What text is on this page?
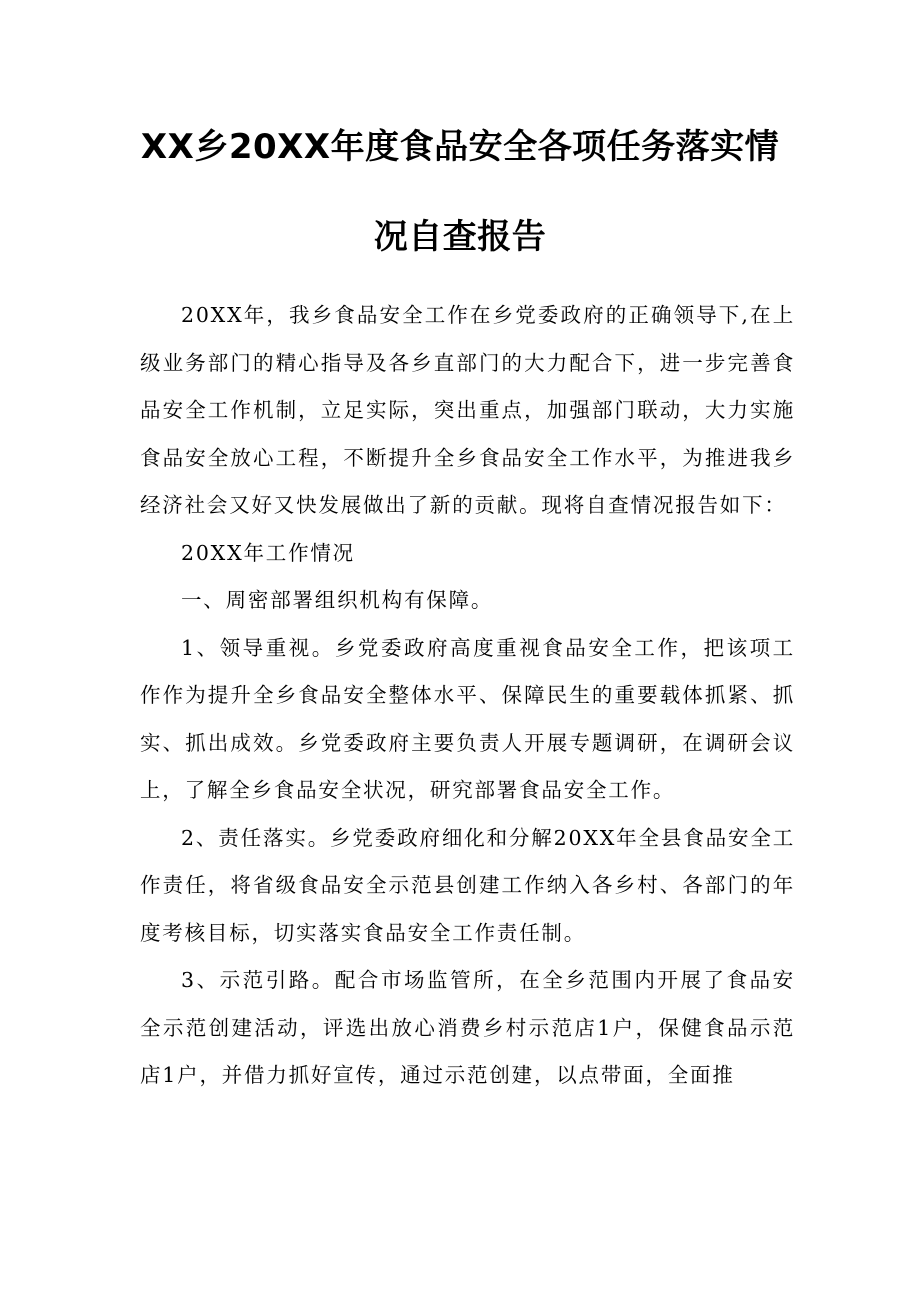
XX乡20XX年度食品安全各项任务落实情
况自查报告

20XX年，我乡食品安全工作在乡党委政府的正确领导下,在上级业务部门的精心指导及各乡直部门的大力配合下，进一步完善食品安全工作机制，立足实际，突出重点，加强部门联动，大力实施食品安全放心工程，不断提升全乡食品安全工作水平，为推进我乡经济社会又好又快发展做出了新的贡献。现将自查情况报告如下：

20XX年工作情况

一、周密部署组织机构有保障。

1、领导重视。乡党委政府高度重视食品安全工作，把该项工作作为提升全乡食品安全整体水平、保障民生的重要载体抓紧、抓实、抓出成效。乡党委政府主要负责人开展专题调研，在调研会议上，了解全乡食品安全状况，研究部署食品安全工作。

2、责任落实。乡党委政府细化和分解20XX年全县食品安全工作责任，将省级食品安全示范县创建工作纳入各乡村、各部门的年度考核目标，切实落实食品安全工作责任制。

3、示范引路。配合市场监管所，在全乡范围内开展了食品安全示范创建活动，评选出放心消费乡村示范店1户，保健食品示范店1户，并借力抓好宣传，通过示范创建，以点带面，全面推
